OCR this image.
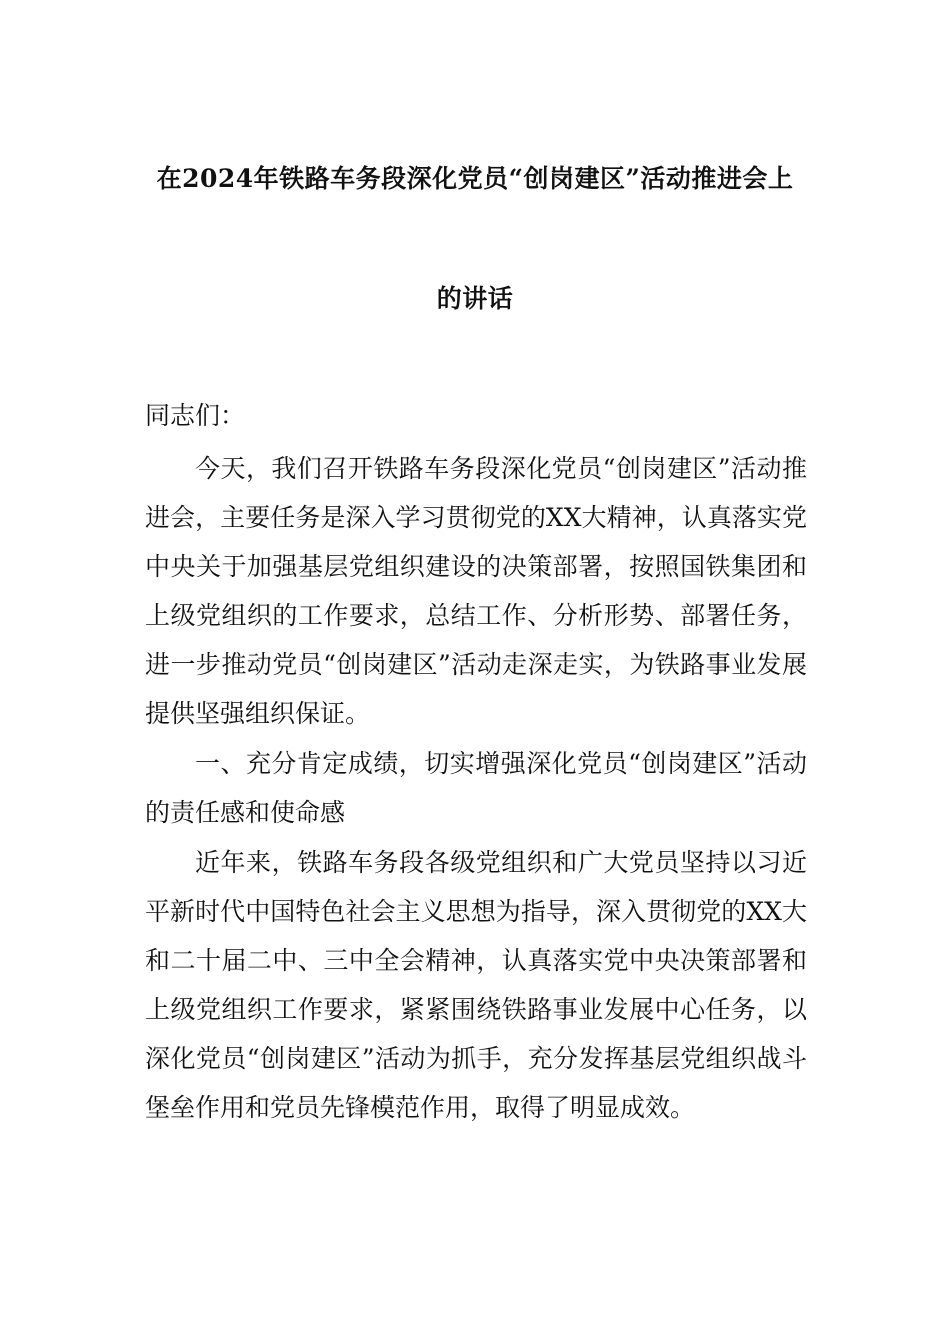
在2024年铁路车务段深化党员“创岗建区”活动推进会上
的讲话
同志们：
今天，我们召开铁路车务段深化党员“创岗建区”活动推进会，主要任务是深入学习贯彻党的XX大精神，认真落实党中央关于加强基层党组织建设的决策部署，按照国铁集团和上级党组织的工作要求，总结工作、分析形势、部署任务，进一步推动党员“创岗建区”活动走深走实，为铁路事业发展提供坚强组织保证。
一、充分肯定成绩，切实增强深化党员“创岗建区”活动的责任感和使命感
近年来，铁路车务段各级党组织和广大党员坚持以习近平新时代中国特色社会主义思想为指导，深入贯彻党的XX大和二十届二中、三中全会精神，认真落实党中央决策部署和上级党组织工作要求，紧紧围绕铁路事业发展中心任务，以深化党员“创岗建区”活动为抓手，充分发挥基层党组织战斗堡垒作用和党员先锋模范作用，取得了明显成效。
